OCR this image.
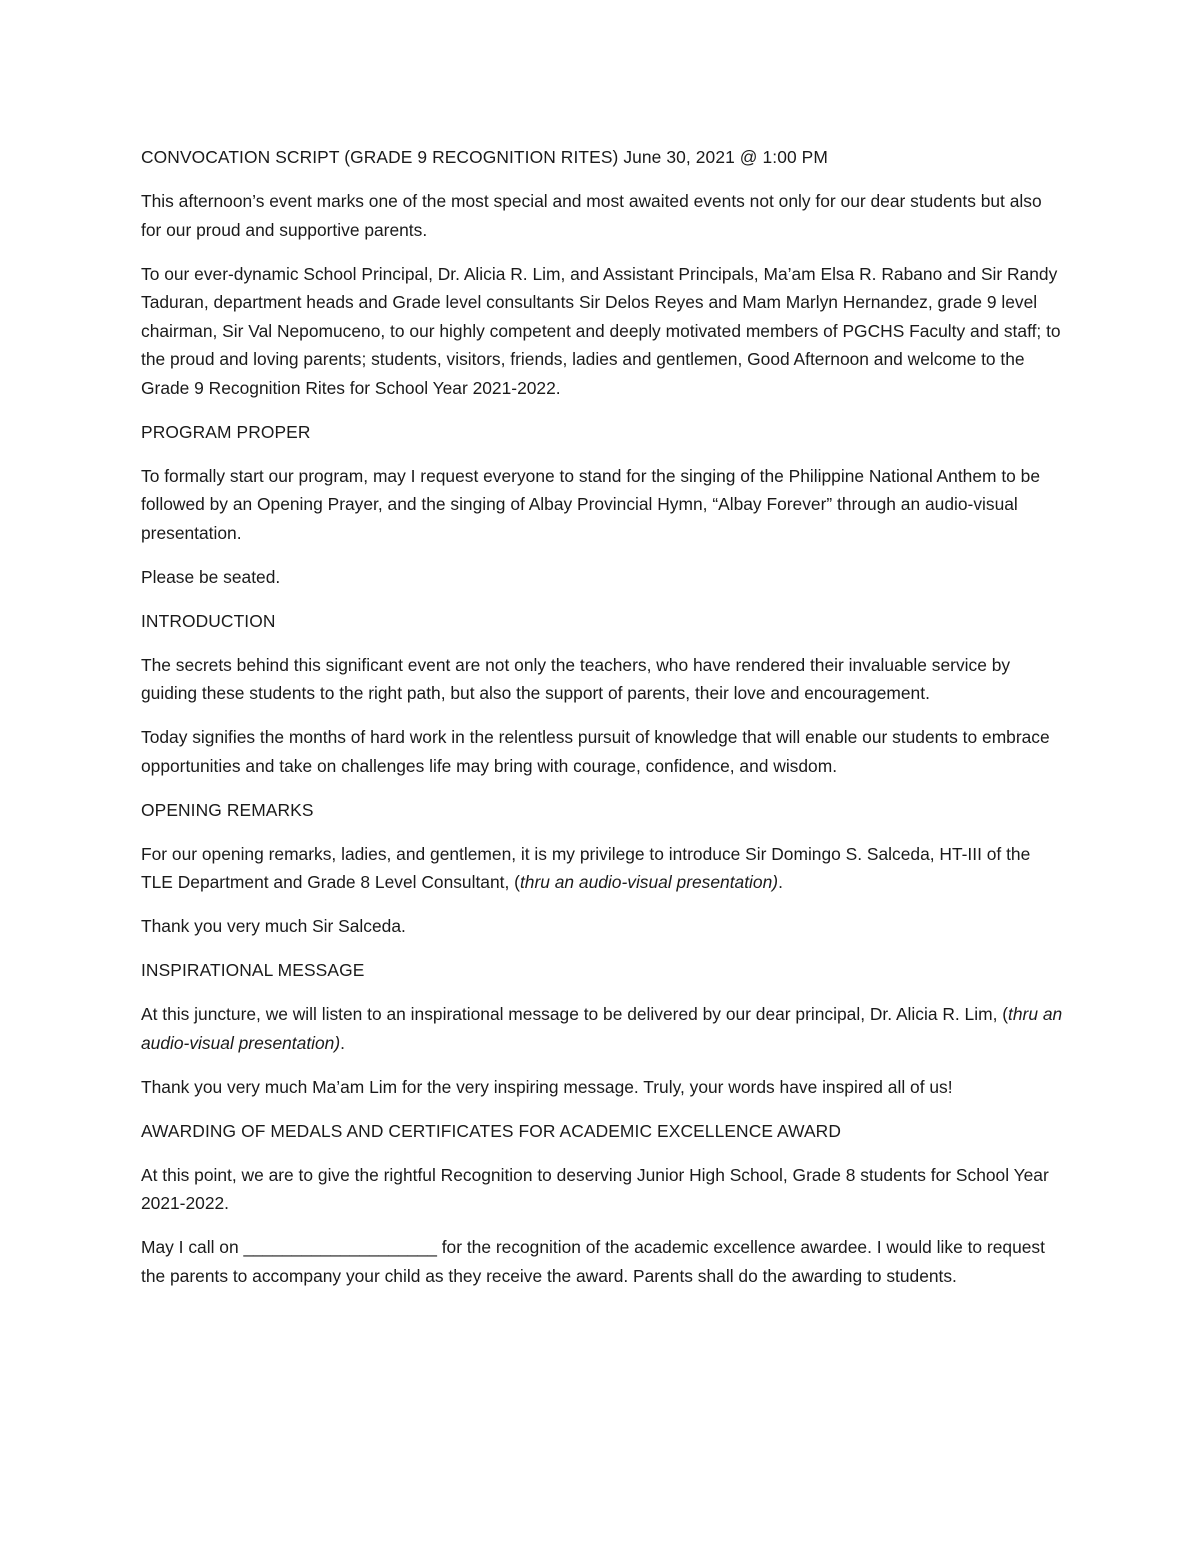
CONVOCATION SCRIPT (GRADE 9 RECOGNITION RITES) June 30, 2021 @ 1:00 PM

This afternoon’s event marks one of the most special and most awaited events not only for our dear students but also for our proud and supportive parents.

To our ever-dynamic School Principal, Dr. Alicia R. Lim, and Assistant Principals, Ma’am Elsa R. Rabano and Sir Randy Taduran, department heads and Grade level consultants Sir Delos Reyes and Mam Marlyn Hernandez, grade 9 level chairman, Sir Val Nepomuceno, to our highly competent and deeply motivated members of PGCHS Faculty and staff; to the proud and loving parents; students, visitors, friends, ladies and gentlemen, Good Afternoon and welcome to the Grade 9 Recognition Rites for School Year 2021-2022.

PROGRAM PROPER

To formally start our program, may I request everyone to stand for the singing of the Philippine National Anthem to be followed by an Opening Prayer, and the singing of Albay Provincial Hymn, “Albay Forever” through an audio-visual presentation.

Please be seated.

INTRODUCTION

The secrets behind this significant event are not only the teachers, who have rendered their invaluable service by guiding these students to the right path, but also the support of parents, their love and encouragement.

Today signifies the months of hard work in the relentless pursuit of knowledge that will enable our students to embrace opportunities and take on challenges life may bring with courage, confidence, and wisdom.

OPENING REMARKS

For our opening remarks, ladies, and gentlemen, it is my privilege to introduce Sir Domingo S. Salceda, HT-III of the TLE Department and Grade 8 Level Consultant, (thru an audio-visual presentation).

Thank you very much Sir Salceda.

INSPIRATIONAL MESSAGE

At this juncture, we will listen to an inspirational message to be delivered by our dear principal, Dr. Alicia R. Lim, (thru an audio-visual presentation).

Thank you very much Ma’am Lim for the very inspiring message. Truly, your words have inspired all of us!

AWARDING OF MEDALS AND CERTIFICATES FOR ACADEMIC EXCELLENCE AWARD

At this point, we are to give the rightful Recognition to deserving Junior High School, Grade 8 students for School Year 2021-2022.

May I call on ____________________ for the recognition of the academic excellence awardee. I would like to request the parents to accompany your child as they receive the award. Parents shall do the awarding to students.
